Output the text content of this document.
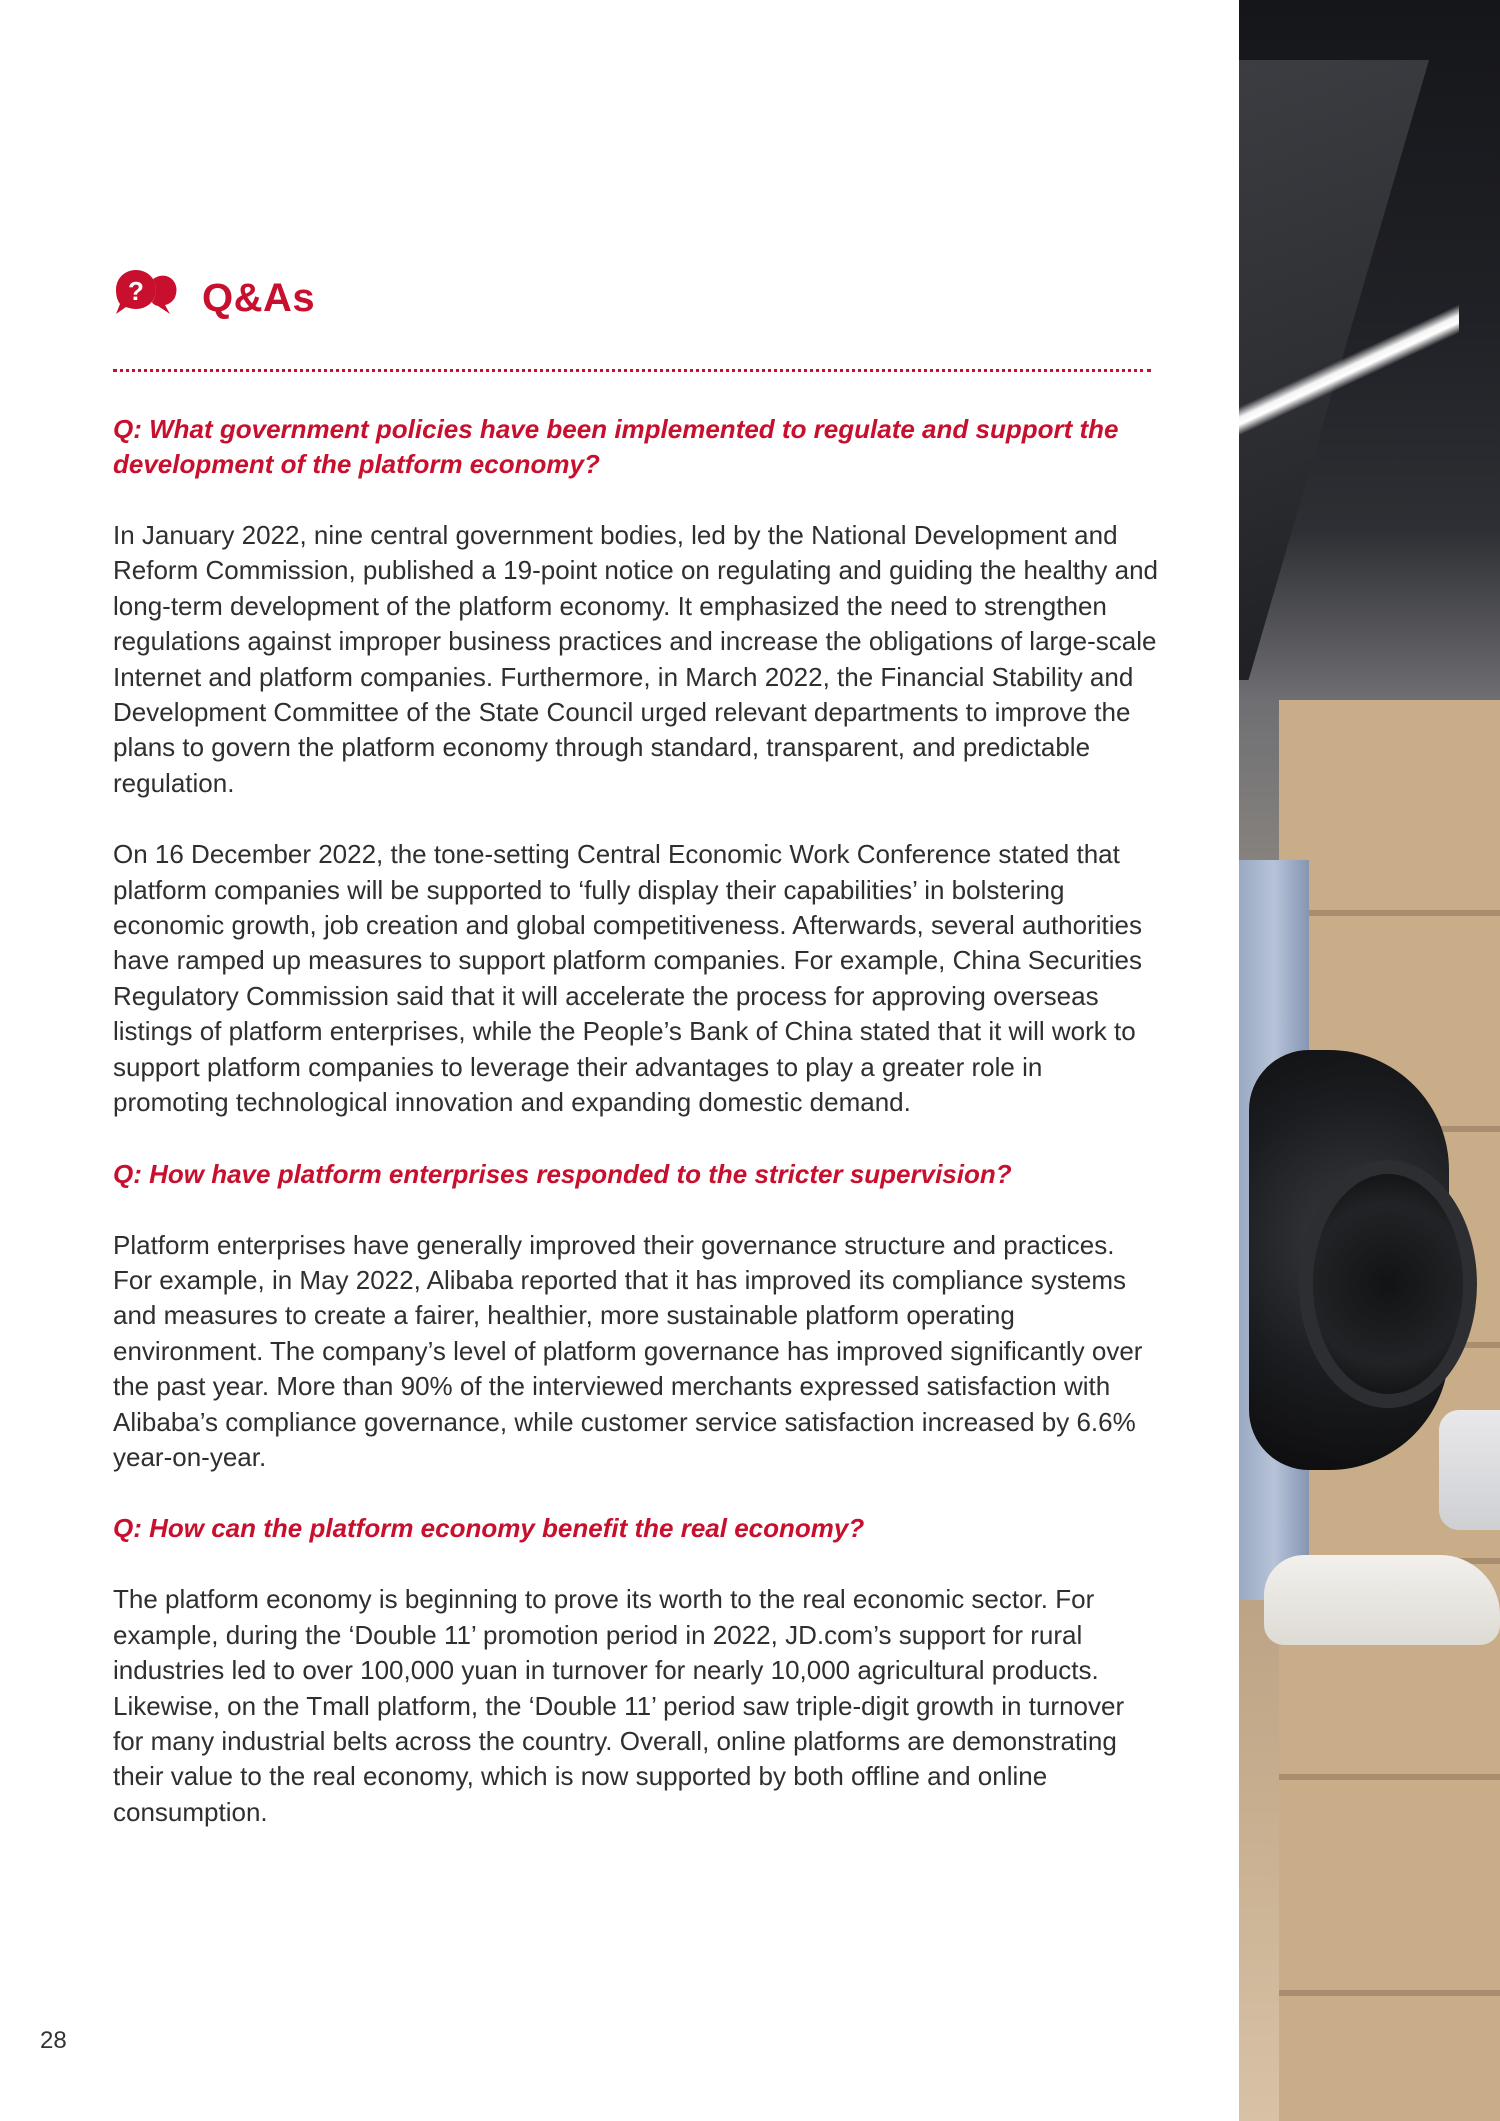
? Q&As
Q: What government policies have been implemented to regulate and support the development of the platform economy?

In January 2022, nine central government bodies, led by the National Development and Reform Commission, published a 19-point notice on regulating and guiding the healthy and long-term development of the platform economy. It emphasized the need to strengthen regulations against improper business practices and increase the obligations of large-scale Internet and platform companies. Furthermore, in March 2022, the Financial Stability and Development Committee of the State Council urged relevant departments to improve the plans to govern the platform economy through standard, transparent, and predictable regulation.

On 16 December 2022, the tone-setting Central Economic Work Conference stated that platform companies will be supported to ‘fully display their capabilities’ in bolstering economic growth, job creation and global competitiveness. Afterwards, several authorities have ramped up measures to support platform companies. For example, China Securities Regulatory Commission said that it will accelerate the process for approving overseas listings of platform enterprises, while the People’s Bank of China stated that it will work to support platform companies to leverage their advantages to play a greater role in promoting technological innovation and expanding domestic demand.

Q: How have platform enterprises responded to the stricter supervision?

Platform enterprises have generally improved their governance structure and practices. For example, in May 2022, Alibaba reported that it has improved its compliance systems and measures to create a fairer, healthier, more sustainable platform operating environment. The company’s level of platform governance has improved significantly over the past year. More than 90% of the interviewed merchants expressed satisfaction with Alibaba’s compliance governance, while customer service satisfaction increased by 6.6% year-on-year.

Q: How can the platform economy benefit the real economy?

The platform economy is beginning to prove its worth to the real economic sector. For example, during the ‘Double 11’ promotion period in 2022, JD.com’s support for rural industries led to over 100,000 yuan in turnover for nearly 10,000 agricultural products. Likewise, on the Tmall platform, the ‘Double 11’ period saw triple-digit growth in turnover for many industrial belts across the country. Overall, online platforms are demonstrating their value to the real economy, which is now supported by both offline and online consumption.

28
